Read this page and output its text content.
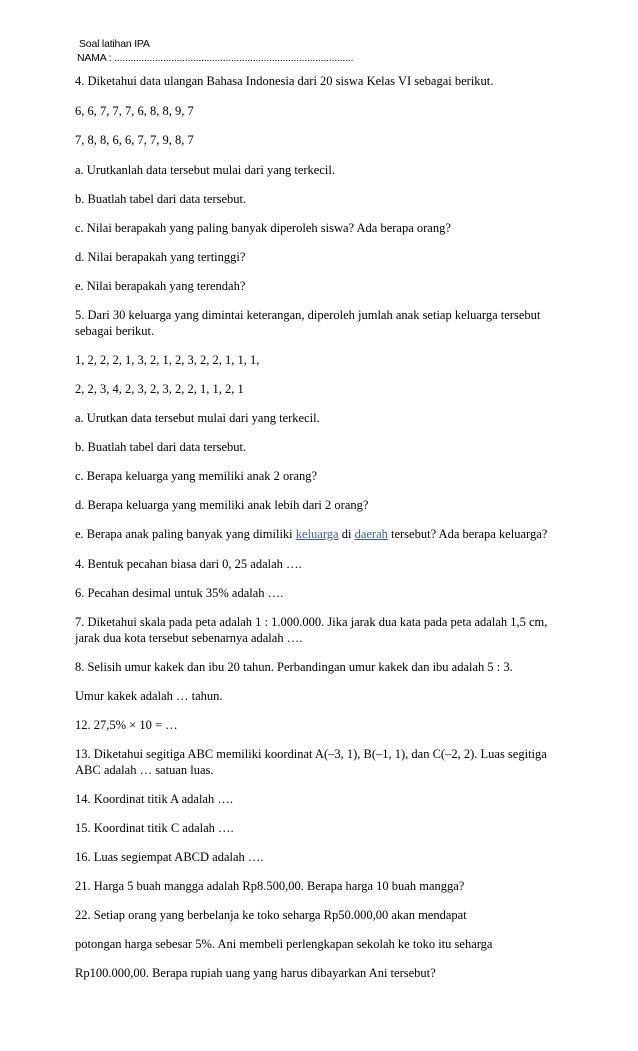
Soal latihan IPA
NAMA : ........................................................................................
4. Diketahui data ulangan Bahasa Indonesia dari 20 siswa Kelas VI sebagai berikut.
6, 6, 7, 7, 7, 6, 8, 8, 9, 7
7, 8, 8, 6, 6, 7, 7, 9, 8, 7
a. Urutkanlah data tersebut mulai dari yang terkecil.
b. Buatlah tabel dari data tersebut.
c. Nilai berapakah yang paling banyak diperoleh siswa? Ada berapa orang?
d. Nilai berapakah yang tertinggi?
e. Nilai berapakah yang terendah?
5. Dari 30 keluarga yang dimintai keterangan, diperoleh jumlah anak setiap keluarga tersebut sebagai berikut.
1, 2, 2, 2, 1, 3, 2, 1, 2, 3, 2, 2, 1, 1, 1,
2, 2, 3, 4, 2, 3, 2, 3, 2, 2, 1, 1, 2, 1
a. Urutkan data tersebut mulai dari yang terkecil.
b. Buatlah tabel dari data tersebut.
c. Berapa keluarga yang memiliki anak 2 orang?
d. Berapa keluarga yang memiliki anak lebih dari 2 orang?
e. Berapa anak paling banyak yang dimiliki keluarga di daerah tersebut? Ada berapa keluarga?
4. Bentuk pecahan biasa dari 0, 25 adalah ….
6. Pecahan desimal untuk 35% adalah ….
7. Diketahui skala pada peta adalah 1 : 1.000.000. Jika jarak dua kata pada peta adalah 1,5 cm, jarak dua kota tersebut sebenarnya adalah ….
8. Selisih umur kakek dan ibu 20 tahun. Perbandingan umur kakek dan ibu adalah 5 : 3.
Umur kakek adalah … tahun.
12. 27,5% × 10 = …
13. Diketahui segitiga ABC memiliki koordinat A(–3, 1), B(–1, 1), dan C(–2, 2). Luas segitiga ABC adalah … satuan luas.
14. Koordinat titik A adalah ….
15. Koordinat titik C adalah ….
16. Luas segiempat ABCD adalah ….
21. Harga 5 buah mangga adalah Rp8.500,00. Berapa harga 10 buah mangga?
22. Setiap orang yang berbelanja ke toko seharga Rp50.000,00 akan mendapat
potongan harga sebesar 5%. Ani membeli perlengkapan sekolah ke toko itu seharga
Rp100.000,00. Berapa rupiah uang yang harus dibayarkan Ani tersebut?
